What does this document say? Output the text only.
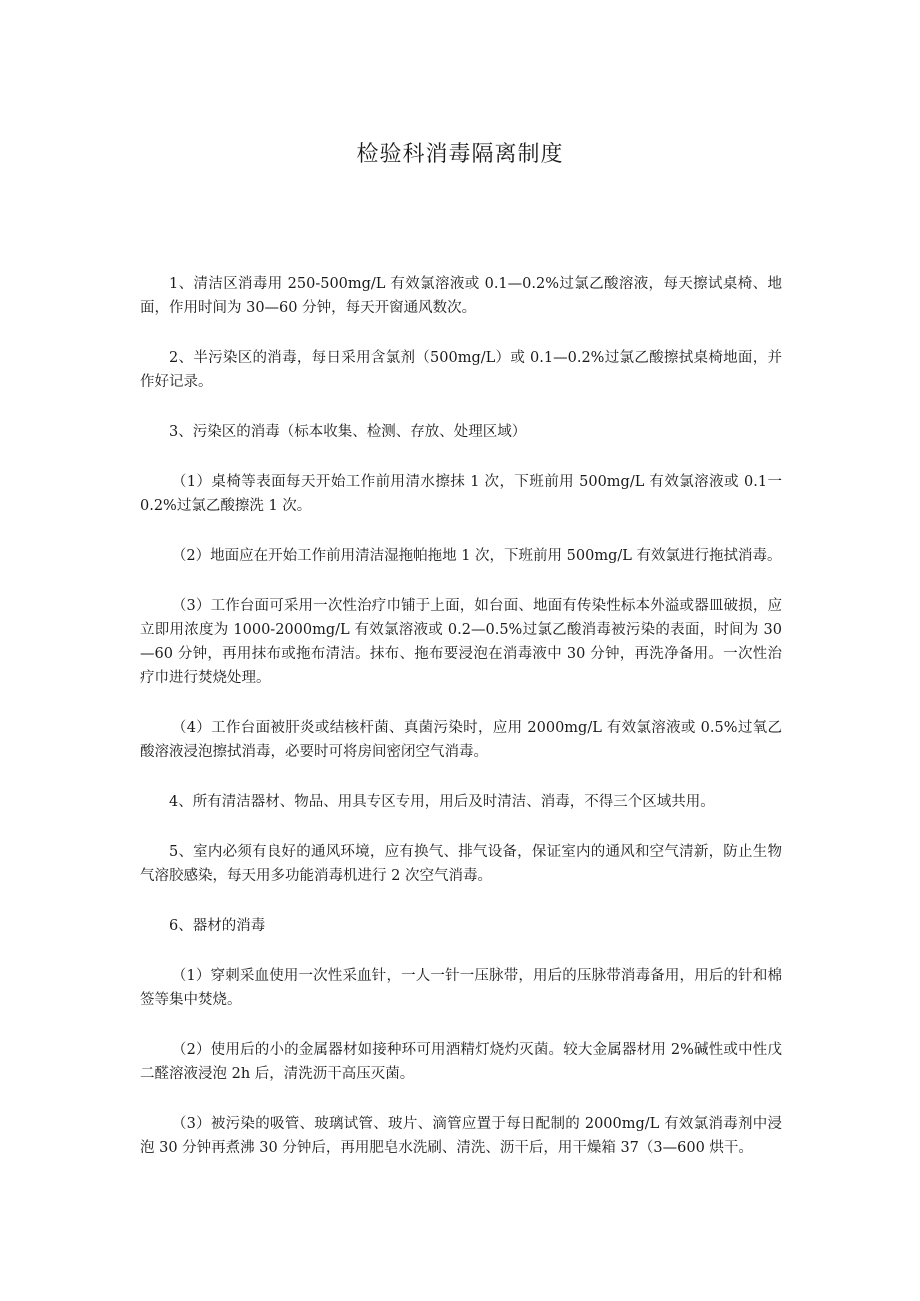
检验科消毒隔离制度

1、清洁区消毒用 250-500mg/L 有效氯溶液或 0.1—0.2%过氯乙酸溶液，每天擦试桌椅、地面，作用时间为 30—60 分钟，每天开窗通风数次。

2、半污染区的消毒，每日采用含氯剂（500mg/L）或 0.1—0.2%过氯乙酸擦拭桌椅地面，并作好记录。

3、污染区的消毒（标本收集、检测、存放、处理区域）

（1）桌椅等表面每天开始工作前用清水擦抹 1 次，下班前用 500mg/L 有效氯溶液或 0.1一 0.2%过氯乙酸擦洗 1 次。

（2）地面应在开始工作前用清洁湿拖帕拖地 1 次，下班前用 500mg/L 有效氯进行拖拭消毒。

（3）工作台面可采用一次性治疗巾铺于上面，如台面、地面有传染性标本外溢或器皿破损，应立即用浓度为 1000-2000mg/L 有效氯溶液或 0.2—0.5%过氯乙酸消毒被污染的表面，时间为 30—60 分钟，再用抹布或拖布清洁。抹布、拖布要浸泡在消毒液中 30 分钟，再洗净备用。一次性治疗巾进行焚烧处理。

（4）工作台面被肝炎或结核杆菌、真菌污染时，应用 2000mg/L 有效氯溶液或 0.5%过氧乙酸溶液浸泡擦拭消毒，必要时可将房间密闭空气消毒。

4、所有清洁器材、物品、用具专区专用，用后及时清洁、消毒，不得三个区域共用。

5、室内必须有良好的通风环境，应有换气、排气设备，保证室内的通风和空气清新，防止生物气溶胶感染，每天用多功能消毒机进行 2 次空气消毒。

6、器材的消毒

（1）穿刺采血使用一次性采血针，一人一针一压脉带，用后的压脉带消毒备用，用后的针和棉签等集中焚烧。

（2）使用后的小的金属器材如接种环可用酒精灯烧灼灭菌。较大金属器材用 2%碱性或中性戊二醛溶液浸泡 2h 后，清洗沥干高压灭菌。

（3）被污染的吸管、玻璃试管、玻片、滴管应置于每日配制的 2000mg/L 有效氯消毒剂中浸泡 30 分钟再煮沸 30 分钟后，再用肥皂水洗刷、清洗、沥干后，用干燥箱 37（3—600 烘干。
